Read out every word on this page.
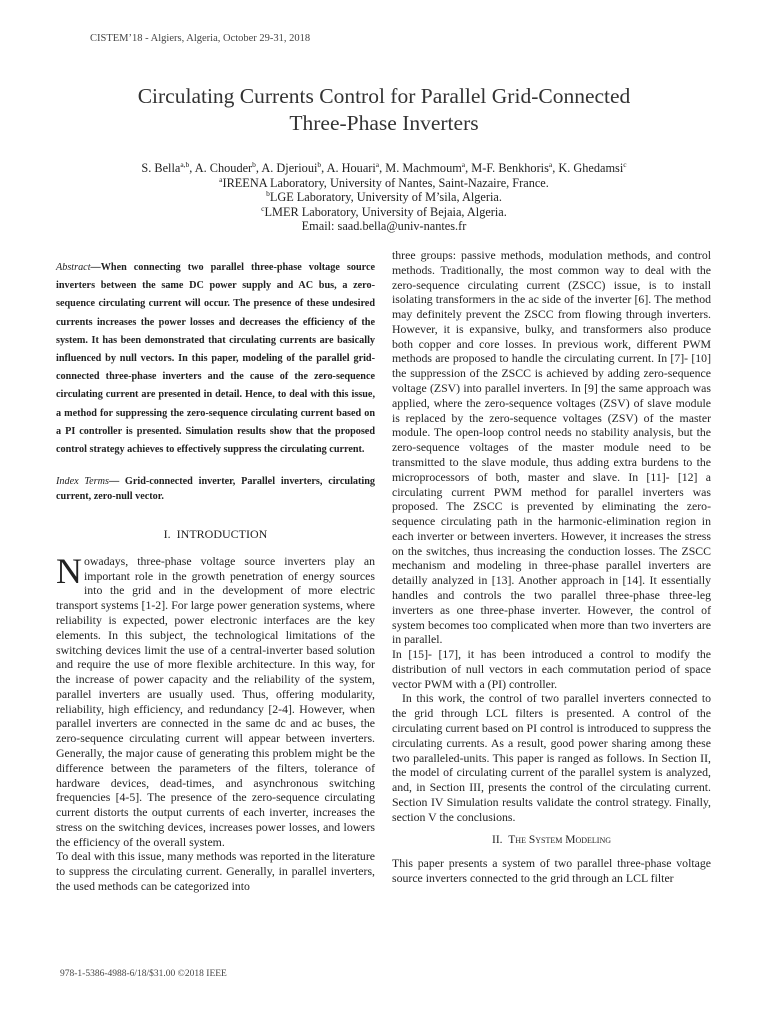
CISTEM’18 - Algiers, Algeria, October 29-31, 2018
Circulating Currents Control for Parallel Grid-Connected
Three-Phase Inverters
S. Bella$^{a,b}$, A. Chouder$^b$, A. Djerioui$^b$, A. Houari$^a$, M. Machmoum$^a$, M-F. Benkhoris$^a$, K. Ghedamsi$^c$
$^a$IREENA Laboratory, University of Nantes, Saint-Nazaire, France.
$^b$LGE Laboratory, University of M’sila, Algeria.
$^c$LMER Laboratory, University of Bejaia, Algeria.
Email: saad.bella@univ-nantes.fr

Abstract—When connecting two parallel three-phase voltage source inverters between the same DC power supply and AC bus, a zero-sequence circulating current will occur. The presence of these undesired currents increases the power losses and decreases the efficiency of the system. It has been demonstrated that circulating currents are basically influenced by null vectors. In this paper, modeling of the parallel grid-connected three-phase inverters and the cause of the zero-sequence circulating current are presented in detail. Hence, to deal with this issue, a method for suppressing the zero-sequence circulating current based on a PI controller is presented. Simulation results show that the proposed control strategy achieves to effectively suppress the circulating current.

Index Terms— Grid-connected inverter, Parallel inverters, circulating current, zero-null vector.

I. INTRODUCTION

Nowadays, three-phase voltage source inverters play an important role in the growth penetration of energy sources into the grid and in the development of more electric transport systems [1-2]. For large power generation systems, where reliability is expected, power electronic interfaces are the key elements. In this subject, the technological limitations of the switching devices limit the use of a central-inverter based solution and require the use of more flexible architecture. In this way, for the increase of power capacity and the reliability of the system, parallel inverters are usually used. Thus, offering modularity, reliability, high efficiency, and redundancy [2-4]. However, when parallel inverters are connected in the same dc and ac buses, the zero-sequence circulating current will appear between inverters. Generally, the major cause of generating this problem might be the difference between the parameters of the filters, tolerance of hardware devices, dead-times, and asynchronous switching frequencies [4-5]. The presence of the zero-sequence circulating current distorts the output currents of each inverter, increases the stress on the switching devices, increases power losses, and lowers the efficiency of the overall system.

To deal with this issue, many methods was reported in the literature to suppress the circulating current. Generally, in parallel inverters, the used methods can be categorized into

three groups: passive methods, modulation methods, and control methods. Traditionally, the most common way to deal with the zero-sequence circulating current (ZSCC) issue, is to install isolating transformers in the ac side of the inverter [6]. The method may definitely prevent the ZSCC from flowing through inverters. However, it is expansive, bulky, and transformers also produce both copper and core losses. In previous work, different PWM methods are proposed to handle the circulating current. In [7]- [10] the suppression of the ZSCC is achieved by adding zero-sequence voltage (ZSV) into parallel inverters. In [9] the same approach was applied, where the zero-sequence voltages (ZSV) of slave module is replaced by the zero-sequence voltages (ZSV) of the master module. The open-loop control needs no stability analysis, but the zero-sequence voltages of the master module need to be transmitted to the slave module, thus adding extra burdens to the microprocessors of both, master and slave. In [11]- [12] a circulating current PWM method for parallel inverters was proposed. The ZSCC is prevented by eliminating the zero-sequence circulating path in the harmonic-elimination region in each inverter or between inverters. However, it increases the stress on the switches, thus increasing the conduction losses. The ZSCC mechanism and modeling in three-phase parallel inverters are detailly analyzed in [13]. Another approach in [14]. It essentially handles and controls the two parallel three-phase three-leg inverters as one three-phase inverter. However, the control of system becomes too complicated when more than two inverters are in parallel.

In [15]- [17], it has been introduced a control to modify the distribution of null vectors in each commutation period of space vector PWM with a (PI) controller.

In this work, the control of two parallel inverters connected to the grid through LCL filters is presented. A control of the circulating current based on PI control is introduced to suppress the circulating currents. As a result, good power sharing among these two paralleled-units. This paper is ranged as follows. In Section II, the model of circulating current of the parallel system is analyzed, and, in Section III, presents the control of the circulating current. Section IV Simulation results validate the control strategy. Finally, section V the conclusions.

II. The System Modeling

This paper presents a system of two parallel three-phase voltage source inverters connected to the grid through an LCL filter

978-1-5386-4988-6/18/$31.00 ©2018 IEEE
